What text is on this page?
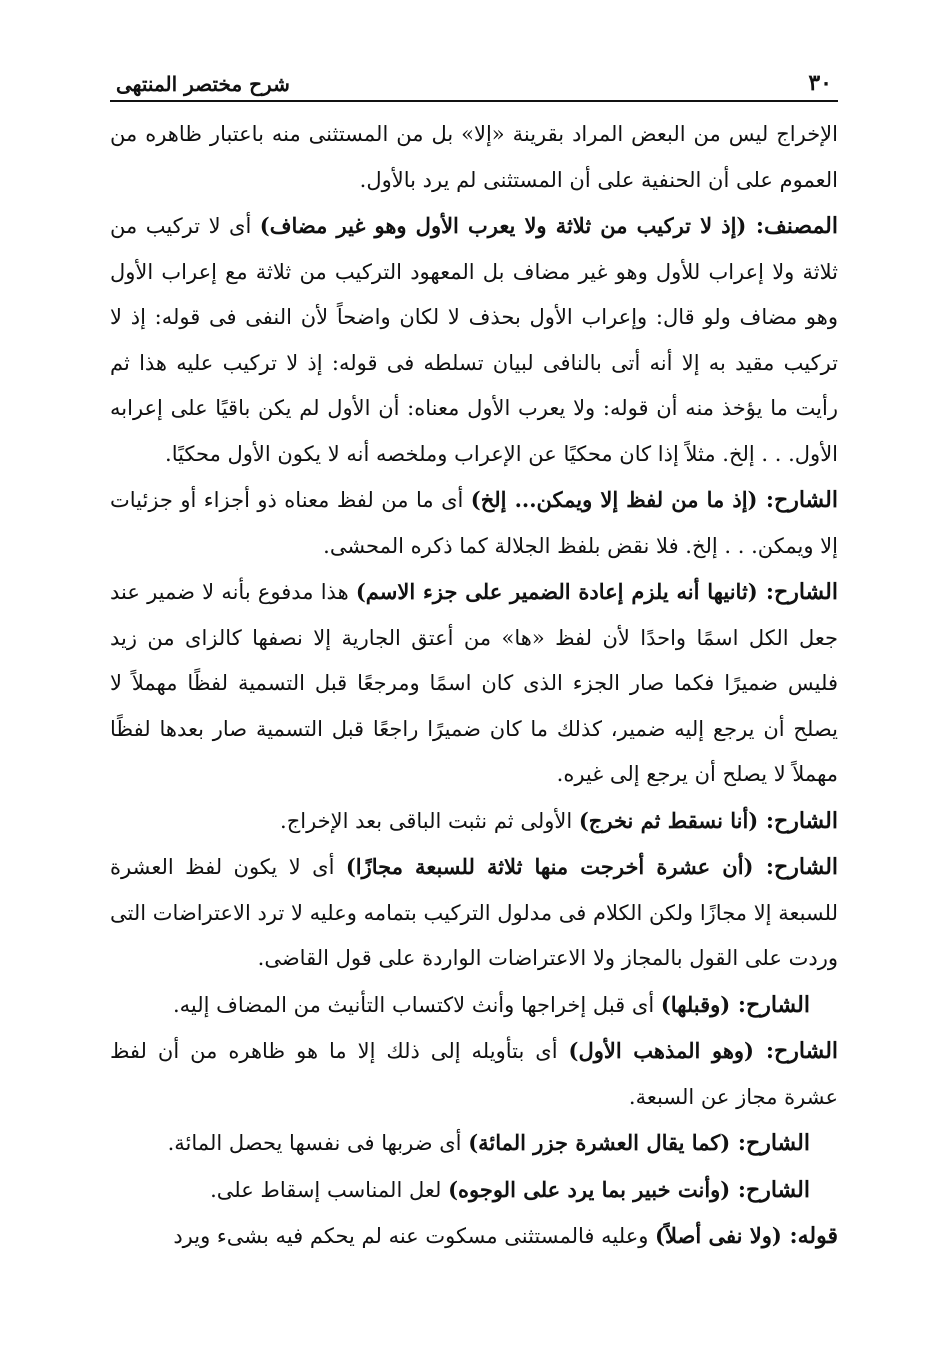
٣٠
شرح مختصر المنتهى

الإخراج ليس من البعض المراد بقرينة «إلا» بل من المستثنى منه باعتبار ظاهره من العموم على أن الحنفية على أن المستثنى لم يرد بالأول.

المصنف: (إذ لا تركيب من ثلاثة ولا يعرب الأول وهو غير مضاف) أى لا تركيب من ثلاثة ولا إعراب للأول وهو غير مضاف بل المعهود التركيب من ثلاثة مع إعراب الأول وهو مضاف ولو قال: وإعراب الأول بحذف لا لكان واضحاً لأن النفى فى قوله: إذ لا تركيب مقيد به إلا أنه أتى بالنافى لبيان تسلطه فى قوله: إذ لا تركيب عليه هذا ثم رأيت ما يؤخذ منه أن قوله: ولا يعرب الأول معناه: أن الأول لم يكن باقيًا على إعرابه الأول. . . إلخ. مثلاً إذا كان محكيًا عن الإعراب وملخصه أنه لا يكون الأول محكيًا.

الشارح: (إذ ما من لفظ إلا ويمكن... إلخ) أى ما من لفظ معناه ذو أجزاء أو جزئيات إلا ويمكن. . . إلخ. فلا نقض بلفظ الجلالة كما ذكره المحشى.

الشارح: (ثانيها أنه يلزم إعادة الضمير على جزء الاسم) هذا مدفوع بأنه لا ضمير عند جعل الكل اسمًا واحدًا لأن لفظ «ها» من أعتق الجارية إلا نصفها كالزاى من زيد فليس ضميرًا فكما صار الجزء الذى كان اسمًا ومرجعًا قبل التسمية لفظًا مهملاً لا يصلح أن يرجع إليه ضمير، كذلك ما كان ضميرًا راجعًا قبل التسمية صار بعدها لفظًا مهملاً لا يصلح أن يرجع إلى غيره.

الشارح: (أنا نسقط ثم نخرج) الأولى ثم نثبت الباقى بعد الإخراج.

الشارح: (أن عشرة أخرجت منها ثلاثة للسبعة مجازًا) أى لا يكون لفظ العشرة للسبعة إلا مجازًا ولكن الكلام فى مدلول التركيب بتمامه وعليه لا ترد الاعتراضات التى وردت على القول بالمجاز ولا الاعتراضات الواردة على قول القاضى.

الشارح: (وقبلها) أى قبل إخراجها وأنث لاكتساب التأنيث من المضاف إليه.

الشارح: (وهو المذهب الأول) أى بتأويله إلى ذلك إلا ما هو ظاهره من أن لفظ عشرة مجاز عن السبعة.

الشارح: (كما يقال العشرة جزر المائة) أى ضربها فى نفسها يحصل المائة.

الشارح: (وأنت خبير بما يرد على الوجوه) لعل المناسب إسقاط على.

قوله: (ولا نفى أصلاً) وعليه فالمستثنى مسكوت عنه لم يحكم فيه بشىء ويرد
